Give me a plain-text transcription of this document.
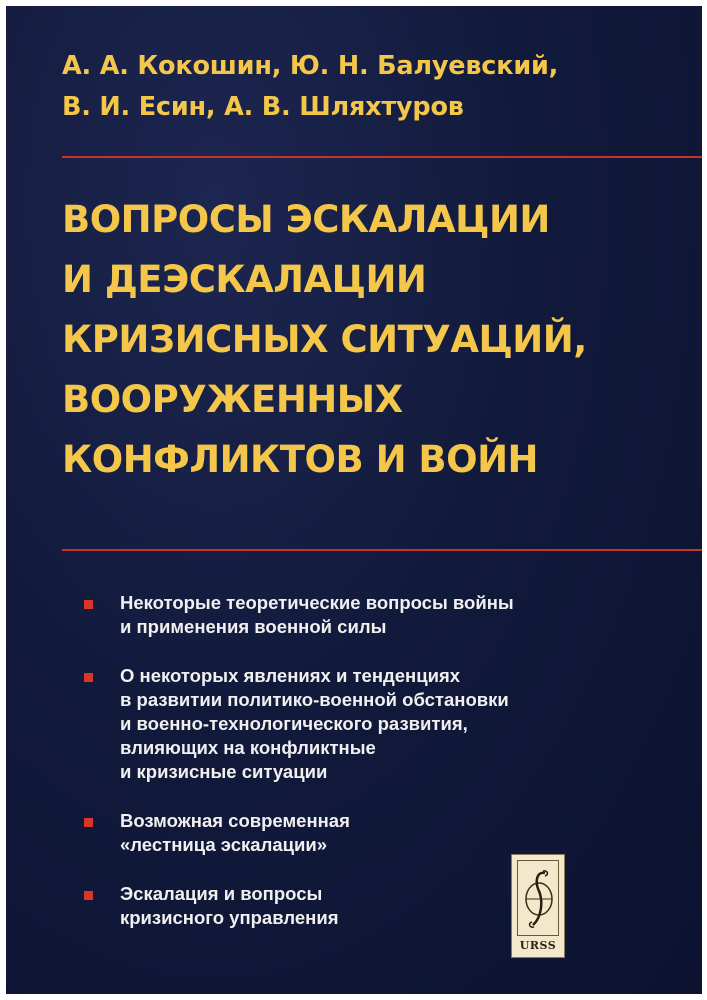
А. А. Кокошин, Ю. Н. Балуевский,
В. И. Есин, А. В. Шляхтуров
ВОПРОСЫ ЭСКАЛАЦИИ
И ДЕЭСКАЛАЦИИ
КРИЗИСНЫХ СИТУАЦИЙ,
ВООРУЖЕННЫХ
КОНФЛИКТОВ И ВОЙН
Некоторые теоретические вопросы войны
и применения военной силы
О некоторых явлениях и тенденциях
в развитии политико-военной обстановки
и военно-технологического развития,
влияющих на конфликтные
и кризисные ситуации
Возможная современная
«лестница эскалации»
Эскалация и вопросы
кризисного управления
URSS
